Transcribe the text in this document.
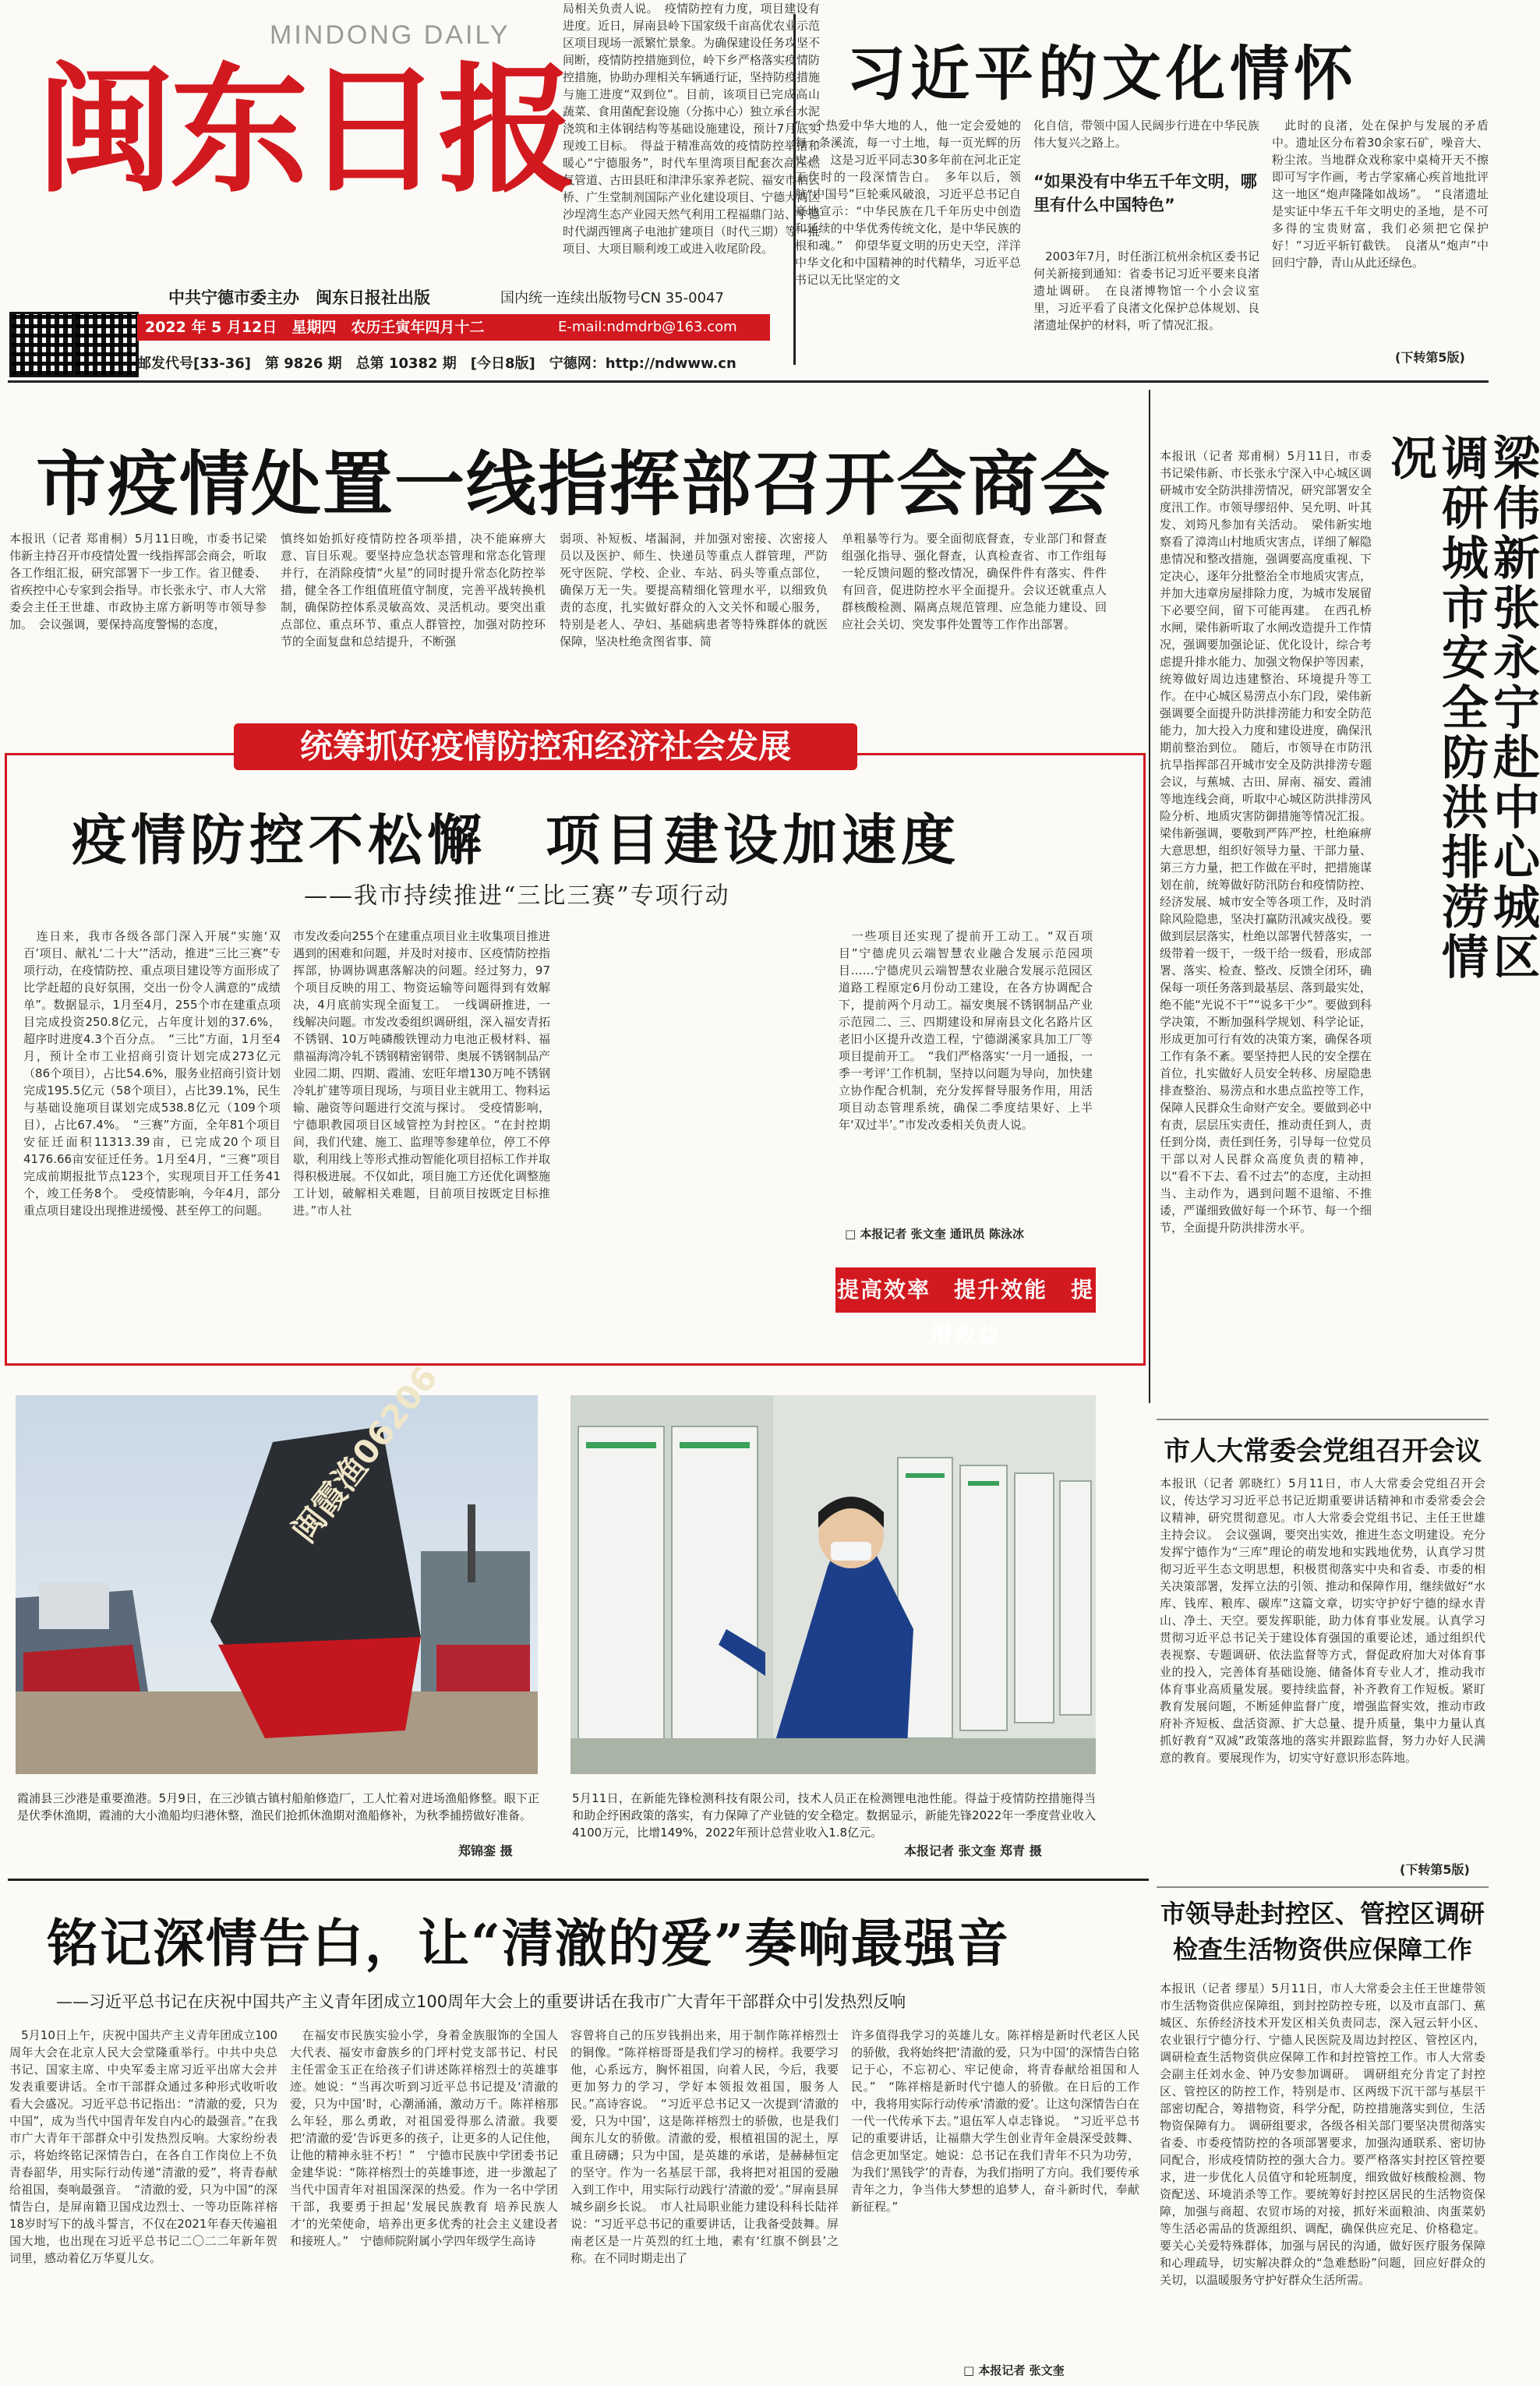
MINDONG DAILY
闽东日报
中共宁德市委主办　闽东日报社出版	国内统一连续出版物号CN 35-0047
2022 年 5 月12日　星期四　农历壬寅年四月十二	E-mail:ndmdrb@163.com
邮发代号[33-36]　第 9826 期　总第 10382 期　[今日8版]　宁德网：http://ndwww.cn
习近平的文化情怀
“一个热爱中华大地的人，他一定会爱她的每一条溪流，每一寸土地，每一页光辉的历史。”　这是习近平同志30多年前在河北正定工作时的一段深情告白。　多年以后，领航“中国号”巨轮乘风破浪，习近平总书记自豪地宣示：“中华民族在几千年历史中创造和延续的中华优秀传统文化，是中华民族的根和魂。”　仰望华夏文明的历史天空，洋洋中华文化和中国精神的时代精华，习近平总书记以无比坚定的文
化自信，带领中国人民阔步行进在中华民族伟大复兴之路上。
“如果没有中华五千年文明，哪里有什么中国特色”
　2003年7月，时任浙江杭州余杭区委书记何关新接到通知：省委书记习近平要来良渚遗址调研。　在良渚博物馆一个小会议室里，习近平看了良渚文化保护总体规划、良渚遗址保护的材料，听了情况汇报。
　此时的良渚，处在保护与发展的矛盾中。遗址区分布着30余家石矿，噪音大、粉尘浓。当地群众戏称家中桌椅开天不擦即可写字作画，考古学家痛心疾首地批评这一地区“炮声隆隆如战场”。　“良渚遗址是实证中华五千年文明史的圣地，是不可多得的宝贵财富，我们必须把它保护好！”习近平斩钉截铁。　良渚从“炮声”中回归宁静，青山从此还绿色。
(下转第5版)
市疫情处置一线指挥部召开会商会
本报讯（记者 郑甫桐）5月11日晚，市委书记梁伟新主持召开市疫情处置一线指挥部会商会，听取各工作组汇报，研究部署下一步工作。省卫健委、省疾控中心专家到会指导。市长张永宁、市人大常委会主任王世雄、市政协主席方新明等市领导参加。　会议强调，要保持高度警惕的态度，
慎终如始抓好疫情防控各项举措，决不能麻痹大意、盲目乐观。要坚持应急状态管理和常态化管理并行，在消除疫情“火星”的同时提升常态化防控举措，健全各工作组值班值守制度，完善平战转换机制，确保防控体系灵敏高效、灵活机动。要突出重点部位、重点环节、重点人群管控，加强对防控环节的全面复盘和总结提升，不断强
弱项、补短板、堵漏洞，并加强对密接、次密接人员以及医护、师生、快递员等重点人群管理，严防死守医院、学校、企业、车站、码头等重点部位，确保万无一失。要提高精细化管理水平，以细致负责的态度，扎实做好群众的入文关怀和暖心服务，特别是老人、孕妇、基础病患者等特殊群体的就医保障，坚决杜绝贪图省事、简
单粗暴等行为。要全面彻底督查，专业部门和督查组强化指导、强化督查，认真检查省、市工作组每一轮反馈问题的整改情况，确保件件有落实、件件有回音，促进防控水平全面提升。会议还就重点人群核酸检测、隔离点规范管理、应急能力建设、回应社会关切、突发事件处置等工作作出部署。	梁伟新张永宁赴中心城区调研城市安全防洪排涝情况
本报讯（记者 郑甫桐）5月11日，市委书记梁伟新、市长张永宁深入中心城区调研城市安全防洪排涝情况，研究部署安全度汛工作。市领导缪绍仲、吴允明、叶其发、刘筠凡参加有关活动。　梁伟新实地察看了漳湾山村地质灾害点，详细了解隐患情况和整改措施，强调要高度重视、下定决心，逐年分批整治全市地质灾害点，并加大违章房屋排除力度，为城市发展留下必要空间，留下可能再建。　在西孔桥水闸，梁伟新听取了水闸改造提升工作情况，强调要加强论证、优化设计，综合考虑提升排水能力、加强文物保护等因素，统筹做好周边违建整治、环境提升等工作。在中心城区易涝点小东门段，梁伟新强调要全面提升防洪排涝能力和安全防范能力，加大投入力度和建设进度，确保汛期前整治到位。　随后，市领导在市防汛抗旱指挥部召开城市安全及防洪排涝专题会议，与蕉城、古田、屏南、福安、霞浦等地连线会商，听取中心城区防洪排涝风险分析、地质灾害防御措施等情况汇报。梁伟新强调，要敬到严阵严控，杜绝麻痹大意思想，组织好领导力量、干部力量、第三方力量，把工作做在平时，把措施谋划在前，统筹做好防汛防台和疫情防控、经济发展、城市安全等各项工作，及时消除风险隐患，坚决打赢防汛减灾战役。要做到层层落实，杜绝以部署代替落实，一级带着一级干，一级干给一级看，形成部署、落实、检查、整改、反馈全闭环，确保每一项任务落到最基层、落到最实处，绝不能“光说不干”“说多干少”。要做到科学决策，不断加强科学规划、科学论证，形成更加可行有效的决策方案，确保各项工作有条不紊。要坚持把人民的安全摆在首位，扎实做好人员安全转移、房屋隐患排查整治、易涝点和水患点监控等工作，保障人民群众生命财产安全。要做到必中有责，层层压实责任，推动责任到人，责任到分岗，责任到任务，引导每一位党员干部以对人民群众高度负责的精神，以“看不下去、看不过去”的态度，主动担当、主动作为，遇到问题不退缩、不推诿，严谨细致做好每一个环节、每一个细节，全面提升防洪排涝水平。
统筹抓好疫情防控和经济社会发展
疫情防控不松懈　项目建设加速度
——我市持续推进“三比三赛”专项行动
　连日来，我市各级各部门深入开展“实施‘双百’项目、献礼‘二十大’”活动，推进“三比三赛”专项行动，在疫情防控、重点项目建设等方面形成了比学赶超的良好氛围，交出一份令人满意的“成绩单”。数据显示，1月至4月，255个市在建重点项目完成投资250.8亿元，占年度计划的37.6%，超序时进度4.3个百分点。　“三比”方面，1月至4月，预计全市工业招商引资计划完成273亿元（86个项目），占比54.6%，服务业招商引资计划完成195.5亿元（58个项目），占比39.1%，民生与基础设施项目谋划完成538.8亿元（109个项目），占比67.4%。　“三赛”方面，全年81个项目安征迁面积11313.39亩，已完成20个项目4176.66亩安征迁任务。1月至4月，“三赛”项目完成前期报批节点123个，实现项目开工任务41个，竣工任务8个。　受疫情影响，今年4月，部分重点项目建设出现推进缓慢、甚至停工的问题。
市发改委向255个在建重点项目业主收集项目推进遇到的困难和问题，并及时对接市、区疫情防控指挥部，协调协调惠落解决的问题。经过努力，97个项目反映的用工、物资运输等问题得到有效解决，4月底前实现全面复工。　一线调研推进，一线解决问题。市发改委组织调研组，深入福安青拓不锈钢、10万吨磷酸铁锂动力电池正极材料、福鼎福海湾冷轧不锈钢精密钢带、奥展不锈钢制品产业园二期、四期、霞浦、宏旺年增130万吨不锈钢冷轧扩建等项目现场，与项目业主就用工、物料运输、融资等问题进行交流与探讨。　受疫情影响，宁德职教园项目区域管控为封控区。“在封控期间，我们代建、施工、监理等参建单位，停工不停歇，利用线上等形式推动智能化项目招标工作并取得积极进展。不仅如此，项目施工方还优化调整施工计划，破解相关难题，目前项目按既定目标推进。”市人社
局相关负责人说。　疫情防控有力度，项目建设有进度。近日，屏南县岭下国家级千亩高优农业示范区项目现场一派繁忙景象。为确保建设任务攻坚不间断，疫情防控措施到位，岭下乡严格落实疫情防控措施，协助办理相关车辆通行证，坚持防疫措施与施工进度“双到位”。目前，该项目已完成高山蔬菜、食用菌配套设施（分拣中心）独立承台水泥浇筑和主体钢结构等基础设施建设，预计7月底实现竣工目标。　得益于精准高效的疫情防控举措和暖心“宁德服务”，时代车里湾项目配套次高压燃气管道、古田县旺和津津乐家养老院、福安市栖云桥、广生堂制剂国际产业化建设项目、宁德大湾区沙埕湾生态产业园天然气利用工程福鼎门站、宁德时代湖西锂离子电池扩建项目（时代三期）等一批项目、大项目顺利竣工或进入收尾阶段。
　一些项目还实现了提前开工动工。“双百项目”宁德虎贝云端智慧农业融合发展示范园项目……宁德虎贝云端智慧农业融合发展示范园区道路工程原定6月份动工建设，在各方协调配合下，提前两个月动工。福安奥展不锈钢制品产业示范园二、三、四期建设和屏南县文化名路片区老旧小区提升改造工程，宁德湖溪家具加工厂等项目提前开工。　“我们严格落实‘一月一通报，一季一考评’工作机制，坚持以问题为导向，加快建立协作配合机制，充分发挥督导服务作用，用活项目动态管理系统，确保二季度结果好、上半年‘双过半’。”市发改委相关负责人说。
□ 本报记者 张文奎 通讯员 陈泳冰
提高效率　提升效能　提增效益
闽霞渔06206
霞浦县三沙港是重要渔港。5月9日，在三沙镇古镇村船舶修造厂，工人忙着对进场渔船修整。眼下正是伏季休渔期，霞浦的大小渔船均归港休整，渔民们抢抓休渔期对渔船修补，为秋季捕捞做好准备。
郑锦銮 摄
5月11日，在新能先锋检测科技有限公司，技术人员正在检测锂电池性能。得益于疫情防控措施得当和助企纾困政策的落实，有力保障了产业链的安全稳定。数据显示，新能先锋2022年一季度营业收入4100万元，比增149%，2022年预计总营业收入1.8亿元。
本报记者 张文奎 郑青 摄
市人大常委会党组召开会议
本报讯（记者 郭晓红）5月11日，市人大常委会党组召开会议，传达学习习近平总书记近期重要讲话精神和市委常委会会议精神，研究贯彻意见。市人大常委会党组书记、主任王世雄主持会议。　会议强调，要突出实效，推进生态文明建设。充分发挥宁德作为“三库”理论的萌发地和实践地优势，认真学习贯彻习近平生态文明思想，积极贯彻落实中央和省委、市委的相关决策部署，发挥立法的引领、推动和保障作用，继续做好“水库、钱库、粮库、碳库”这篇文章，切实守护好宁德的绿水青山、净土、天空。要发挥职能，助力体育事业发展。认真学习贯彻习近平总书记关于建设体育强国的重要论述，通过组织代表视察、专题调研、依法监督等方式，督促政府加大对体育事业的投入，完善体育基础设施、储备体育专业人才，推动我市体育事业高质量发展。要持续监督，补齐教育工作短板。紧盯教育发展问题，不断延伸监督广度，增强监督实效，推动市政府补齐短板、盘活资源、扩大总量、提升质量，集中力量认真抓好教育“双减”政策落地的落实并跟踪监督，努力办好人民满意的教育。要展现作为，切实守好意识形态阵地。
(下转第5版)
市领导赴封控区、管控区调研检查生活物资供应保障工作
本报讯（记者 缪星）5月11日，市人大常委会主任王世雄带领市生活物资供应保障组，到封控防控专班，以及市直部门、蕉城区、东侨经济技术开发区相关负责同志，深入冠云轩小区、农业银行宁德分行、宁德人民医院及周边封控区、管控区内，调研检查生活物资供应保障工作和封控管控工作。市人大常委会副主任刘水金、钟乃安参加调研。　调研组充分肯定了封控区、管控区的防控工作，特别是市、区两级下沉干部与基层干部密切配合，筹措物资，科学分配，防控措施落实到位，生活物资保障有力。　调研组要求，各级各相关部门要坚决贯彻落实省委、市委疫情防控的各项部署要求，加强沟通联系、密切协同配合，形成疫情防控的强大合力。要严格落实封控区管控要求，进一步优化人员值守和轮班制度，细致做好核酸检测、物资配送、环境消杀等工作。要统筹好封控区居民的生活物资保障，加强与商超、农贸市场的对接，抓好米面粮油、肉蛋菜奶等生活必需品的货源组织、调配，确保供应充足、价格稳定。要关心关爱特殊群体，加强与居民的沟通，做好医疗服务保障和心理疏导，切实解决群众的“急难愁盼”问题，回应好群众的关切，以温暖服务守护好群众生活所需。
铭记深情告白，让“清澈的爱”奏响最强音
——习近平总书记在庆祝中国共产主义青年团成立100周年大会上的重要讲话在我市广大青年干部群众中引发热烈反响
　5月10日上午，庆祝中国共产主义青年团成立100周年大会在北京人民大会堂隆重举行。中共中央总书记、国家主席、中央军委主席习近平出席大会并发表重要讲话。全市干部群众通过多种形式收听收看大会盛况。习近平总书记指出：“清澈的爱，只为中国”，成为当代中国青年发自内心的最强音。”在我市广大青年干部群众中引发热烈反响。大家纷纷表示，将始终铭记深情告白，在各自工作岗位上不负青春韶华，用实际行动传递“清澈的爱”，将青春献给祖国，奏响最强音。　“清澈的爱，只为中国”的深情告白，是屏南籍卫国戍边烈士、一等功臣陈祥榕18岁时写下的战斗誓言，不仅在2021年春天传遍祖国大地，也出现在习近平总书记二〇二二年新年贺词里，感动着亿万华夏儿女。
　在福安市民族实验小学，身着金族服饰的全国人大代表、福安市畲族乡的门坪村党支部书记、村民主任雷金玉正在给孩子们讲述陈祥榕烈士的英雄事迹。她说：“当再次听到习近平总书记提及‘清澈的爱，只为中国’时，心潮涌涌，激动万千。陈祥榕那么年轻，那么勇敢，对祖国爱得那么清澈。我要把‘清澈的爱’告诉更多的孩子，让更多的人记住他，让他的精神永驻不朽！”　宁德市民族中学团委书记金建华说：“陈祥榕烈士的英雄事迹，进一步激起了当代中国青年对祖国深深的热爱。作为一名中学团干部，我要勇于担起‘发展民族教育 培养民族人才’的光荣使命，培养出更多优秀的社会主义建设者和接班人。”　宁德师院附属小学四年级学生高诗
容曾将自己的压岁钱捐出来，用于制作陈祥榕烈士的铜像。“陈祥榕哥哥是我们学习的榜样。我要学习他，心系远方，胸怀祖国，向着人民，今后，我要更加努力的学习，学好本领报效祖国，服务人民。”高诗容说。　“习近平总书记又一次提到‘清澈的爱，只为中国’，这是陈祥榕烈士的骄傲，也是我们闽东儿女的骄傲。清澈的爱，根植祖国的泥土，厚重且磅礴；只为中国，是英雄的承诺，是赫赫恒定的坚守。作为一名基层干部，我将把对祖国的爱融入到工作中，用实际行动践行‘清澈的爱’。”屏南县屏城乡副乡长说。　市人社局职业能力建设科科长陆祥说：“习近平总书记的重要讲话，让我备受鼓舞。屏南老区是一片英烈的红土地，素有‘红旗不倒县’之称。在不同时期走出了
许多值得我学习的英雄儿女。陈祥榕是新时代老区人民的骄傲，我将始终把‘清澈的爱，只为中国’的深情告白铭记于心，不忘初心、牢记使命，将青春献给祖国和人民。”　“陈祥榕是新时代宁德人的骄傲。在日后的工作中，我将用实际行动传承‘清澈的爱’。让这句深情告白在一代一代传承下去。”退伍军人卓志锋说。　“习近平总书记的重要讲话，让福鼎大学生创业青年金晨深受鼓舞、信念更加坚定。她说：总书记在我们青年不只为功劳，为我们‘黑钱学’的青春，为我们指明了方向。我们要传承青年之力，争当伟大梦想的追梦人，奋斗新时代，奉献新征程。”
□ 本报记者 张文奎
